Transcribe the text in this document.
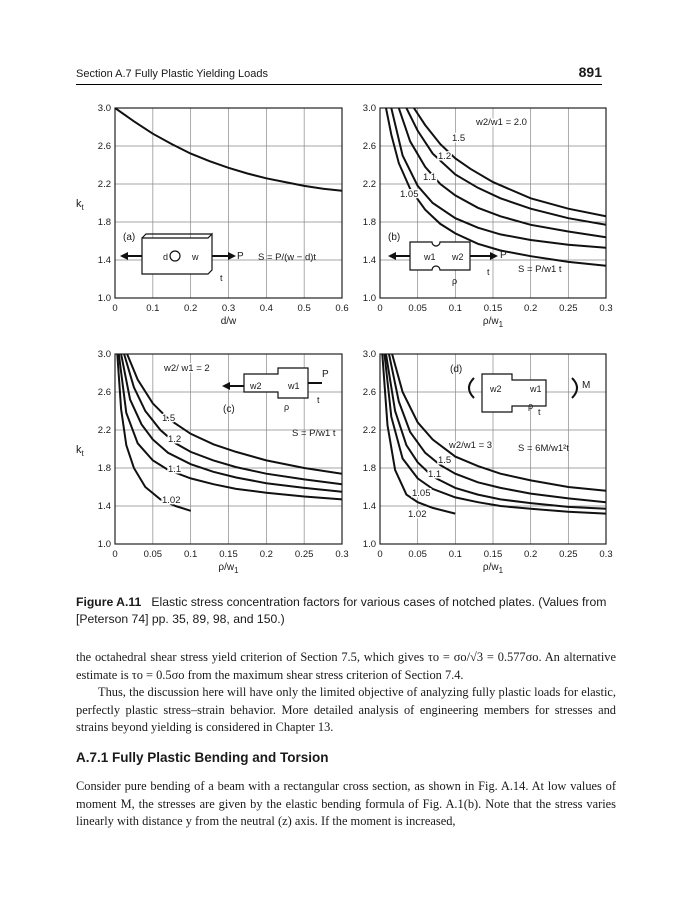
Section A.7 Fully Plastic Yielding Loads	891
0	0.1	0.2	0.3	0.4	0.5	0.6
1.0
1.4
1.8
2.2
2.6
3.0
d/w
$k_t$
(a)
d	w	P
t
S = P/(w − d)t
0	0.05 0.1 0.15 0.2 0.25 0.3
1.0
1.4
1.8
2.2
2.6
3.0
$\rho/w_1$
(b)
w2/w1 = 2.0
1.5
1.2
1.1
1.05
w1 w2	P
t
ρ
S = P/w1 t
0	0.05 0.1 0.15 0.2 0.25 0.3
1.0
1.4
1.8
2.2
2.6
3.0
$\rho/w_1$
$k_t$
(c)
w2/ w1 = 2
1.5
1.2
1.1
1.02
w2	w1
P
t
ρ
S = P/w1 t
0	0.05 0.1 0.15 0.2 0.25 0.3
1.0
1.4
1.8
2.2
2.6
3.0
$\rho/w_1$
(d)
w2/w1 = 3
1.5
1.1
1.05
1.02
w2	w1	M
t
ρ
S = 6M/w1²t
Figure A.11 Elastic stress concentration factors for various cases of notched plates. (Values from [Peterson 74] pp. 35, 89, 98, and 150.)
the octahedral shear stress yield criterion of Section 7.5, which gives τo = σo/√3 = 0.577σo. An alternative estimate is τo = 0.5σo from the maximum shear stress criterion of Section 7.4.
Thus, the discussion here will have only the limited objective of analyzing fully plastic loads for elastic, perfectly plastic stress–strain behavior. More detailed analysis of engineering members for stresses and strains beyond yielding is considered in Chapter 13.
A.7.1 Fully Plastic Bending and Torsion
Consider pure bending of a beam with a rectangular cross section, as shown in Fig. A.14. At low values of moment M, the stresses are given by the elastic bending formula of Fig. A.1(b). Note that the stress varies linearly with distance y from the neutral (z) axis. If the moment is increased,
